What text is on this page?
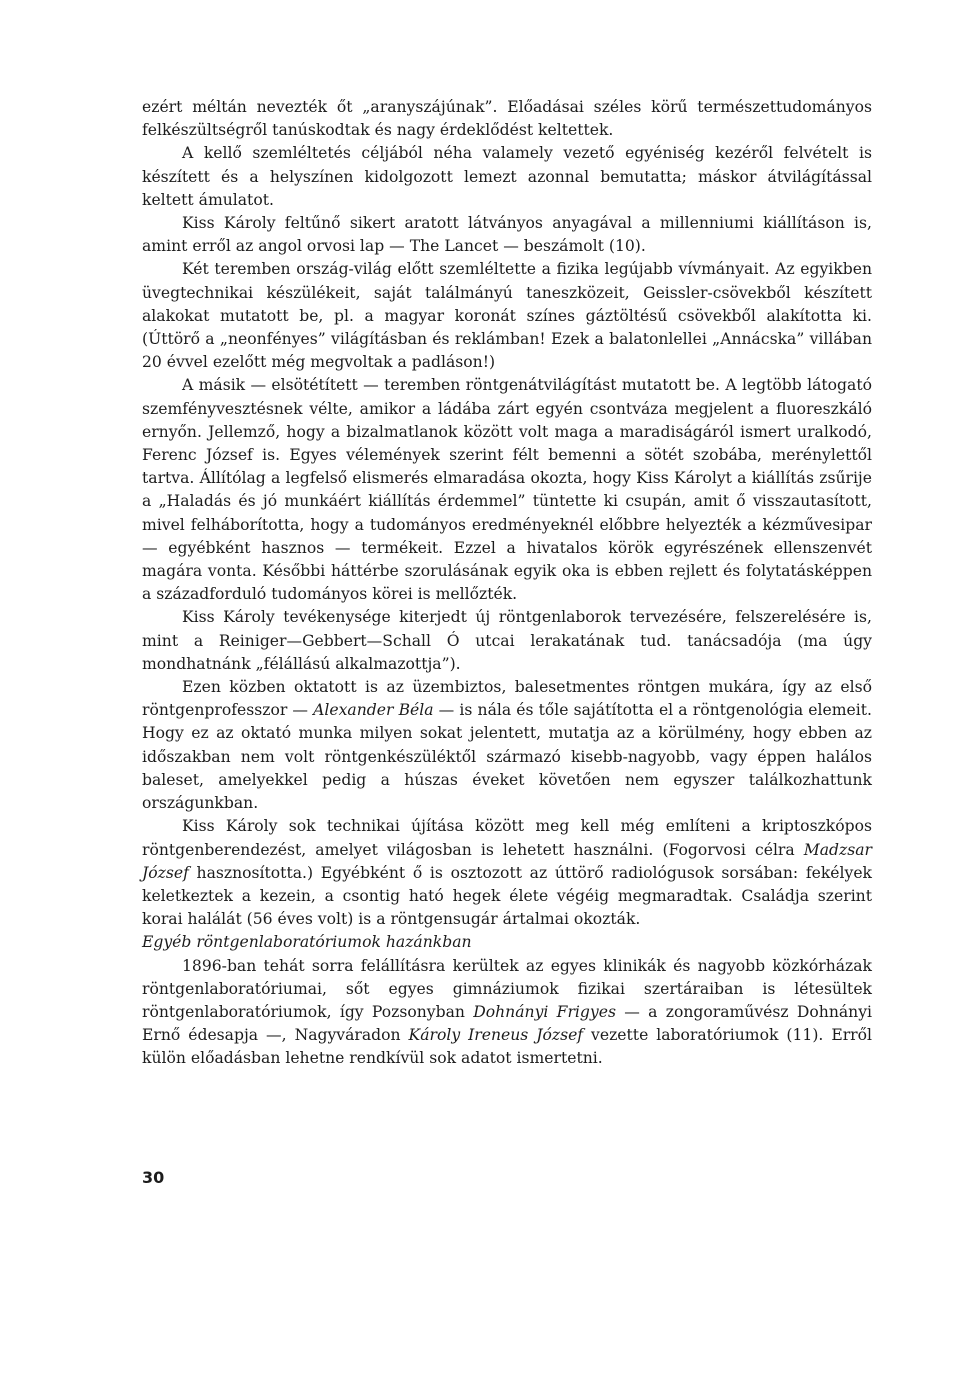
ezért méltán nevezték őt „aranyszájúnak”. Előadásai széles körű természettudományos felkészültségről tanúskodtak és nagy érdeklődést keltettek.

A kellő szemléltetés céljából néha valamely vezető egyéniség kezéről felvételt is készített és a helyszínen kidolgozott lemezt azonnal bemutatta; máskor átvilágítással keltett ámulatot.

Kiss Károly feltűnő sikert aratott látványos anyagával a millenniumi kiállításon is, amint erről az angol orvosi lap — The Lancet — beszámolt (10).

Két teremben ország-világ előtt szemléltette a fizika legújabb vívmányait. Az egyikben üvegtechnikai készülékeit, saját találmányú taneszközeit, Geissler-csövekből készített alakokat mutatott be, pl. a magyar koronát színes gáztöltésű csövekből alakította ki. (Úttörő a „neonfényes” világításban és reklámban! Ezek a balatonlellei „Annácska” villában 20 évvel ezelőtt még megvoltak a padláson!)

A másik — elsötétített — teremben röntgenátvilágítást mutatott be. A legtöbb látogató szemfényvesztésnek vélte, amikor a ládába zárt egyén csontváza megjelent a fluoreszkáló ernyőn. Jellemző, hogy a bizalmatlanok között volt maga a maradiságáról ismert uralkodó, Ferenc József is. Egyes vélemények szerint félt bemenni a sötét szobába, merénylettől tartva. Állítólag a legfelső elismerés elmaradása okozta, hogy Kiss Károlyt a kiállítás zsűrije a „Haladás és jó munkáért kiállítás érdemmel” tüntette ki csupán, amit ő visszautasított, mivel felháborította, hogy a tudományos eredményeknél előbbre helyezték a kézművesipar — egyébként hasznos — termékeit. Ezzel a hivatalos körök egyrészének ellenszenvét magára vonta. Későbbi háttérbe szorulásának egyik oka is ebben rejlett és folytatásképpen a századforduló tudományos körei is mellőzték.

Kiss Károly tevékenysége kiterjedt új röntgenlaborok tervezésére, felszerelésére is, mint a Reiniger—Gebbert—Schall Ó utcai lerakatának tud. tanácsadója (ma úgy mondhatnánk „félállású alkalmazottja”).

Ezen közben oktatott is az üzembiztos, balesetmentes röntgen mukára, így az első röntgenprofesszor — Alexander Béla — is nála és tőle sajátította el a röntgenológia elemeit. Hogy ez az oktató munka milyen sokat jelentett, mutatja az a körülmény, hogy ebben az időszakban nem volt röntgenkészüléktől származó kisebb-nagyobb, vagy éppen halálos baleset, amelyekkel pedig a húszas éveket követően nem egyszer találkozhattunk országunkban.

Kiss Károly sok technikai újítása között meg kell még említeni a kriptoszkópos röntgenberendezést, amelyet világosban is lehetett használni. (Fogorvosi célra Madzsar József hasznosította.) Egyébként ő is osztozott az úttörő radiológusok sorsában: fekélyek keletkeztek a kezein, a csontig ható hegek élete végéig megmaradtak. Családja szerint korai halálát (56 éves volt) is a röntgensugár ártalmai okozták.

Egyéb röntgenlaboratóriumok hazánkban

1896-ban tehát sorra felállításra kerültek az egyes klinikák és nagyobb közkórházak röntgenlaboratóriumai, sőt egyes gimnáziumok fizikai szertáraiban is létesültek röntgenlaboratóriumok, így Pozsonyban Dohnányi Frigyes — a zongoraművész Dohnányi Ernő édesapja —, Nagyváradon Károly Ireneus József vezette laboratóriumok (11). Erről külön előadásban lehetne rendkívül sok adatot ismertetni.

30
